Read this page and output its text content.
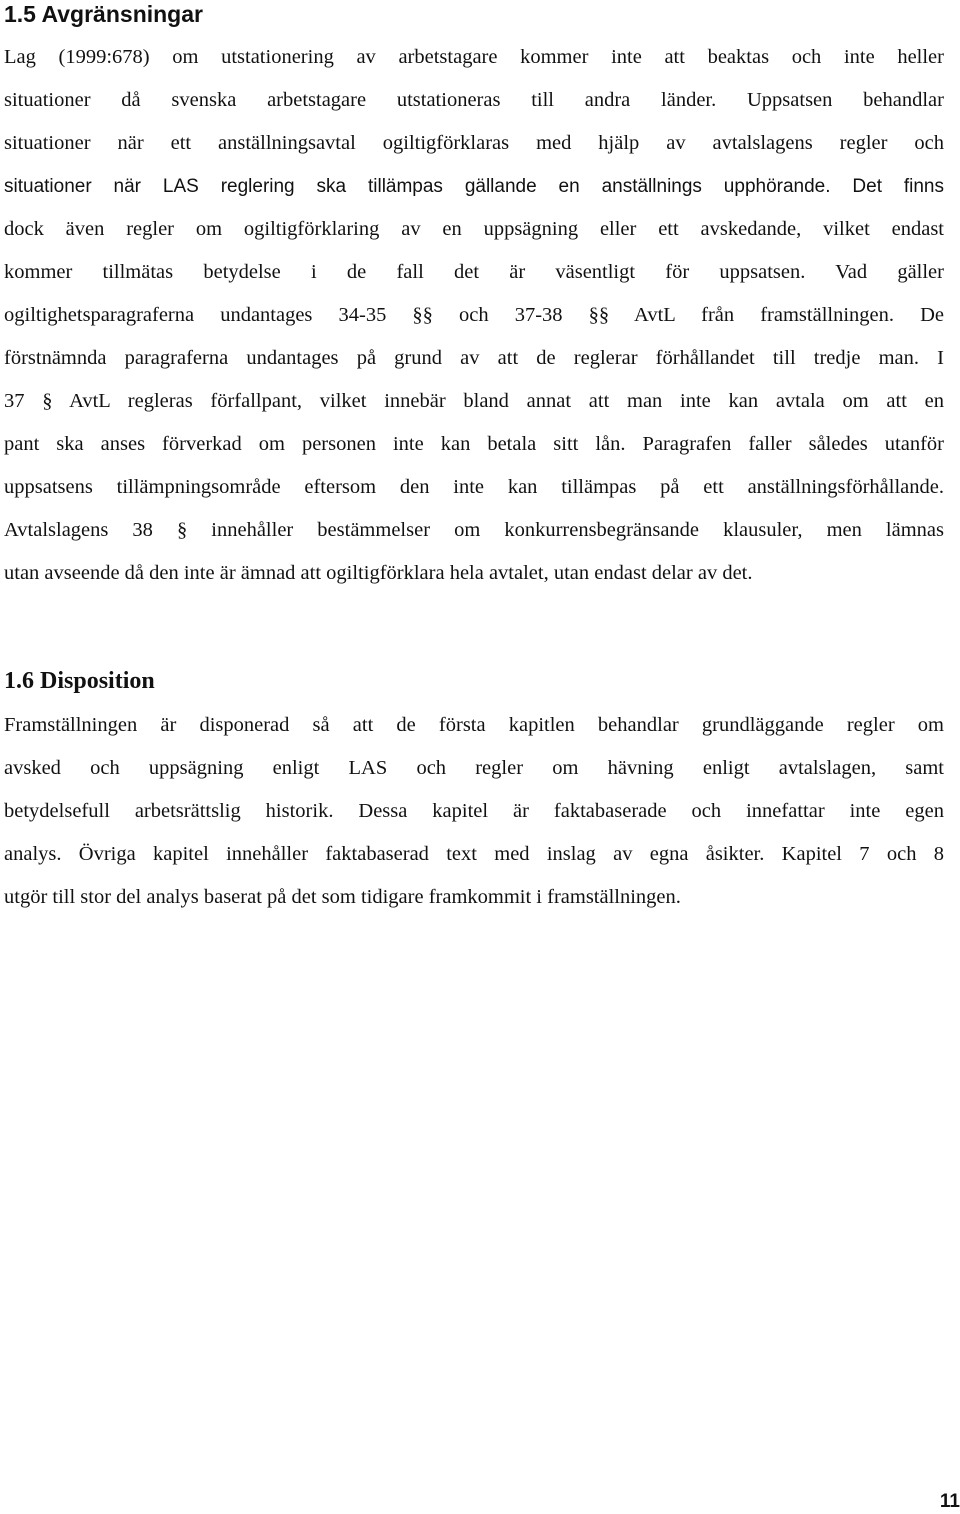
1.5 Avgränsningar
Lag (1999:678) om utstationering av arbetstagare kommer inte att beaktas och inte heller
situationer då svenska arbetstagare utstationeras till andra länder. Uppsatsen behandlar
situationer när ett anställningsavtal ogiltigförklaras med hjälp av avtalslagens regler och
situationer när LAS reglering ska tillämpas gällande en anställnings upphörande. Det finns
dock även regler om ogiltigförklaring av en uppsägning eller ett avskedande, vilket endast
kommer tillmätas betydelse i de fall det är väsentligt för uppsatsen. Vad gäller
ogiltighetsparagraferna undantages 34-35 §§ och 37-38 §§ AvtL från framställningen. De
förstnämnda paragraferna undantages på grund av att de reglerar förhållandet till tredje man. I
37 § AvtL regleras förfallpant, vilket innebär bland annat att man inte kan avtala om att en
pant ska anses förverkad om personen inte kan betala sitt lån. Paragrafen faller således utanför
uppsatsens tillämpningsområde eftersom den inte kan tillämpas på ett anställningsförhållande.
Avtalslagens 38 § innehåller bestämmelser om konkurrensbegränsande klausuler, men lämnas
utan avseende då den inte är ämnad att ogiltigförklara hela avtalet, utan endast delar av det.
1.6 Disposition
Framställningen är disponerad så att de första kapitlen behandlar grundläggande regler om
avsked och uppsägning enligt LAS och regler om hävning enligt avtalslagen, samt
betydelsefull arbetsrättslig historik. Dessa kapitel är faktabaserade och innefattar inte egen
analys. Övriga kapitel innehåller faktabaserad text med inslag av egna åsikter. Kapitel 7 och 8
utgör till stor del analys baserat på det som tidigare framkommit i framställningen.
11
